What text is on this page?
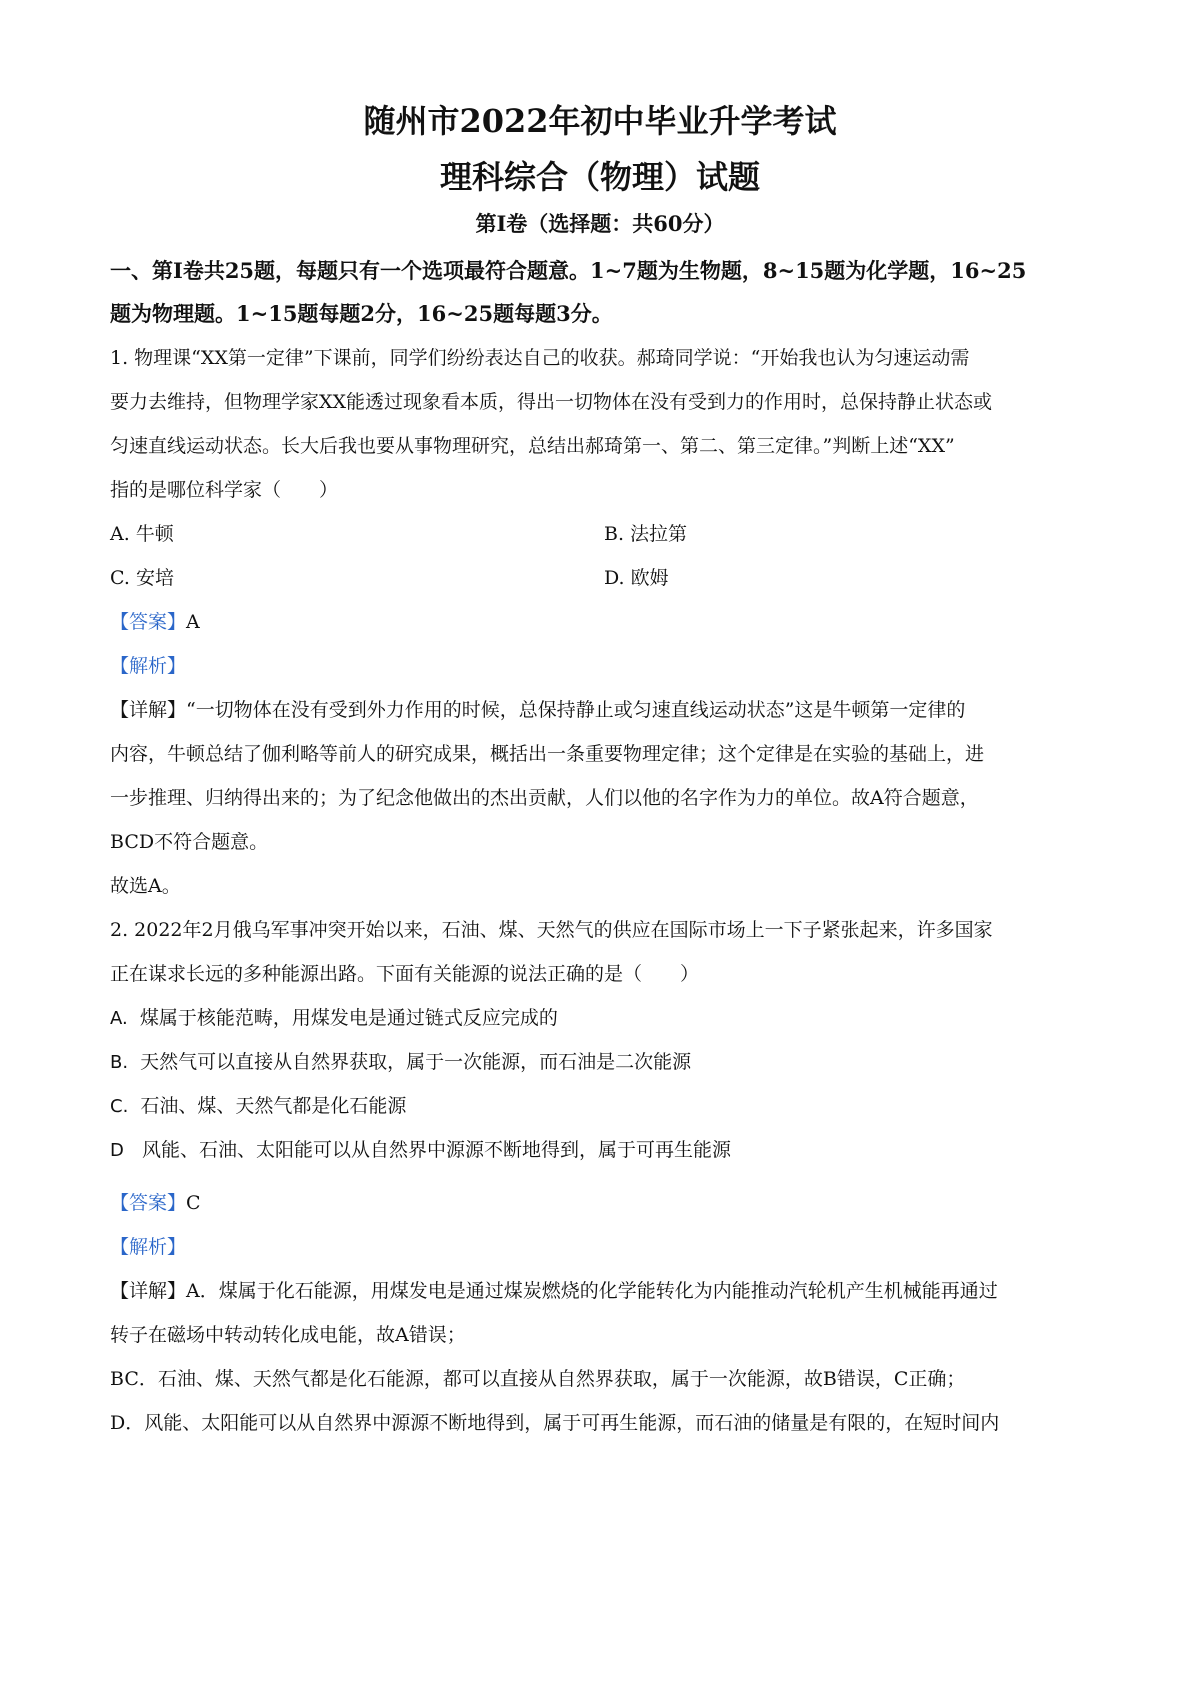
随州市2022年初中毕业升学考试
理科综合（物理）试题
第I卷（选择题：共60分）
一、第I卷共25题，每题只有一个选项最符合题意。1~7题为生物题，8~15题为化学题，16~25
题为物理题。1~15题每题2分，16~25题每题3分。
1. 物理课“XX第一定律”下课前，同学们纷纷表达自己的收获。郝琦同学说：“开始我也认为匀速运动需
要力去维持，但物理学家XX能透过现象看本质，得出一切物体在没有受到力的作用时，总保持静止状态或
匀速直线运动状态。长大后我也要从事物理研究，总结出郝琦第一、第二、第三定律。”判断上述“XX”
指的是哪位科学家（　　）
A. 牛顿	B. 法拉第
C. 安培	D. 欧姆
【答案】A
【解析】
【详解】“一切物体在没有受到外力作用的时候，总保持静止或匀速直线运动状态”这是牛顿第一定律的
内容，牛顿总结了伽利略等前人的研究成果，概括出一条重要物理定律；这个定律是在实验的基础上，进
一步推理、归纳得出来的；为了纪念他做出的杰出贡献，人们以他的名字作为力的单位。故A符合题意，
BCD不符合题意。
故选A。
2. 2022年2月俄乌军事冲突开始以来，石油、煤、天然气的供应在国际市场上一下子紧张起来，许多国家
正在谋求长远的多种能源出路。下面有关能源的说法正确的是（　　）
A. 煤属于核能范畴，用煤发电是通过链式反应完成的
B. 天然气可以直接从自然界获取，属于一次能源，而石油是二次能源
C. 石油、煤、天然气都是化石能源
D 风能、石油、太阳能可以从自然界中源源不断地得到，属于可再生能源
【答案】C
【解析】
【详解】A．煤属于化石能源，用煤发电是通过煤炭燃烧的化学能转化为内能推动汽轮机产生机械能再通过
转子在磁场中转动转化成电能，故A错误；
BC．石油、煤、天然气都是化石能源，都可以直接从自然界获取，属于一次能源，故B错误，C正确；
D．风能、太阳能可以从自然界中源源不断地得到，属于可再生能源，而石油的储量是有限的，在短时间内
